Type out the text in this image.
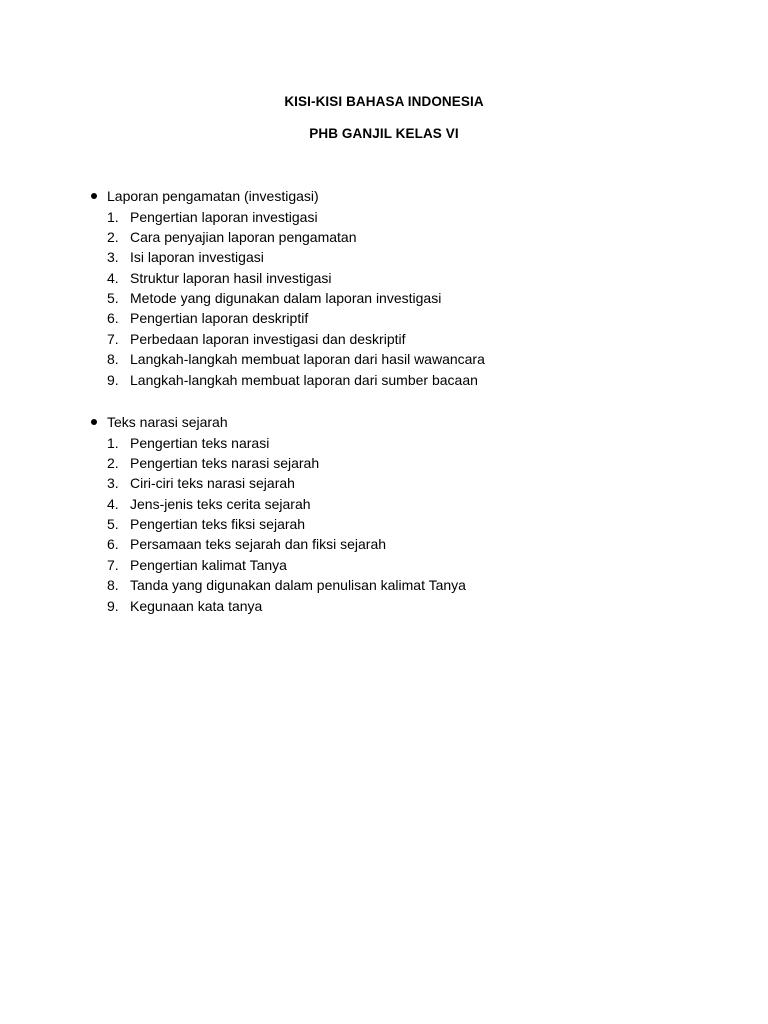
KISI-KISI BAHASA INDONESIA
PHB GANJIL KELAS VI
Laporan pengamatan (investigasi)
1. Pengertian laporan investigasi
2. Cara penyajian laporan pengamatan
3. Isi laporan investigasi
4. Struktur laporan hasil investigasi
5. Metode yang digunakan dalam laporan investigasi
6. Pengertian laporan deskriptif
7. Perbedaan laporan investigasi dan deskriptif
8. Langkah-langkah membuat laporan dari hasil wawancara
9. Langkah-langkah membuat laporan dari sumber bacaan
Teks narasi sejarah
1. Pengertian teks narasi
2. Pengertian teks narasi sejarah
3. Ciri-ciri teks narasi sejarah
4. Jens-jenis teks cerita sejarah
5. Pengertian teks fiksi sejarah
6. Persamaan teks sejarah dan fiksi sejarah
7. Pengertian kalimat Tanya
8. Tanda yang digunakan dalam penulisan kalimat Tanya
9. Kegunaan kata tanya
